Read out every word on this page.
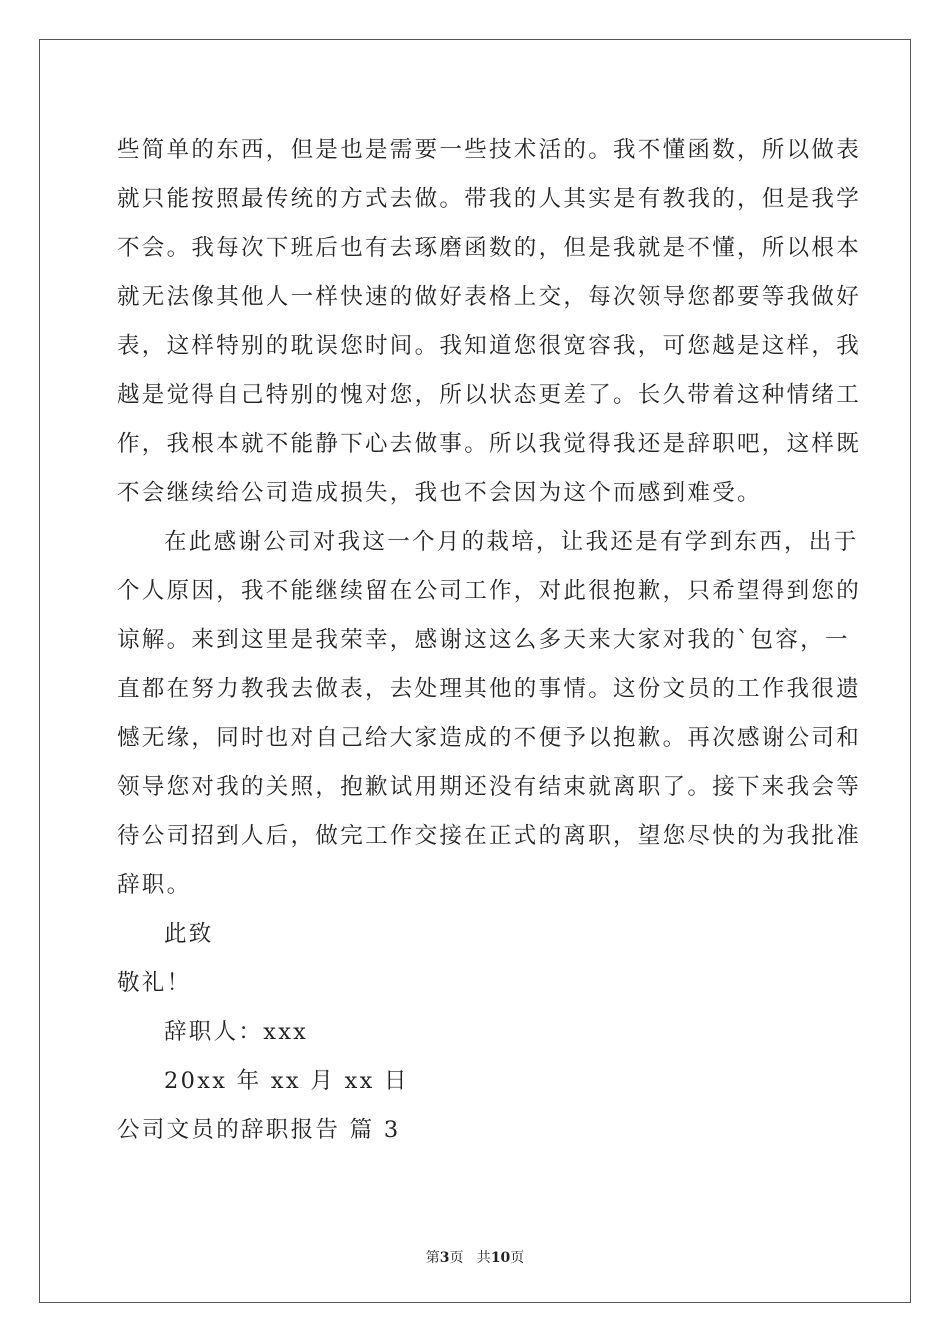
些简单的东西，但是也是需要一些技术活的。我不懂函数，所以做表
就只能按照最传统的方式去做。带我的人其实是有教我的，但是我学
不会。我每次下班后也有去琢磨函数的，但是我就是不懂，所以根本
就无法像其他人一样快速的做好表格上交，每次领导您都要等我做好
表，这样特别的耽误您时间。我知道您很宽容我，可您越是这样，我
越是觉得自己特别的愧对您，所以状态更差了。长久带着这种情绪工
作，我根本就不能静下心去做事。所以我觉得我还是辞职吧，这样既
不会继续给公司造成损失，我也不会因为这个而感到难受。
在此感谢公司对我这一个月的栽培，让我还是有学到东西，出于
个人原因，我不能继续留在公司工作，对此很抱歉，只希望得到您的
谅解。来到这里是我荣幸，感谢这这么多天来大家对我的`包容，一
直都在努力教我去做表，去处理其他的事情。这份文员的工作我很遗
憾无缘，同时也对自己给大家造成的不便予以抱歉。再次感谢公司和
领导您对我的关照，抱歉试用期还没有结束就离职了。接下来我会等
待公司招到人后，做完工作交接在正式的离职，望您尽快的为我批准
辞职。
此致
敬礼！
辞职人：xxx
20xx 年 xx 月 xx 日
公司文员的辞职报告 篇 3
第3页   共10页
